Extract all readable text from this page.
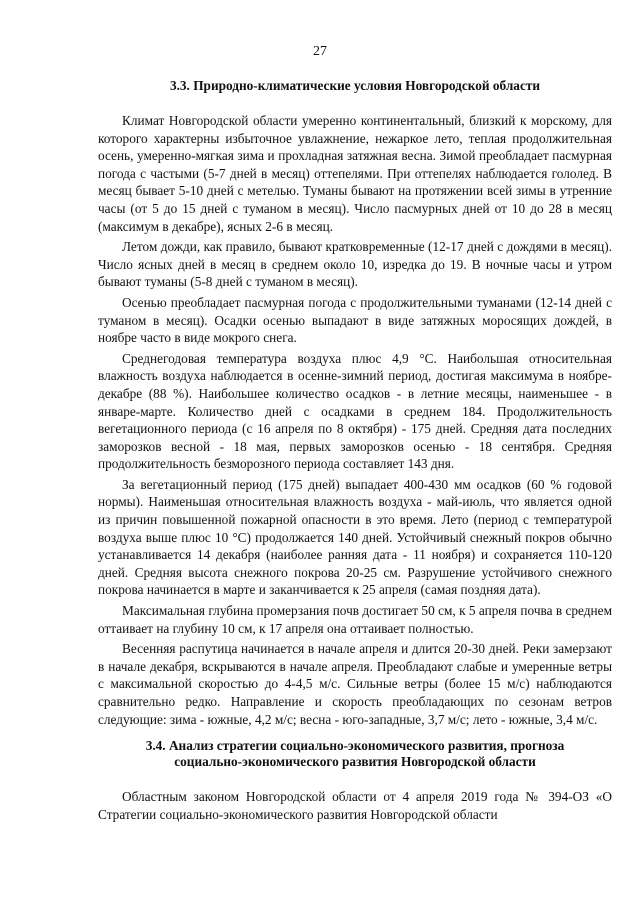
27

3.3. Природно-климатические условия Новгородской области

Климат Новгородской области умеренно континентальный, близкий к морскому, для которого характерны избыточное увлажнение, нежаркое лето, теплая продолжительная осень, умеренно-мягкая зима и прохладная затяжная весна. Зимой преобладает пасмурная погода с частыми (5-7 дней в месяц) оттепелями. При оттепелях наблюдается гололед. В месяц бывает 5-10 дней с метелью. Туманы бывают на протяжении всей зимы в утренние часы (от 5 до 15 дней с туманом в месяц). Число пасмурных дней от 10 до 28 в месяц (максимум в декабре), ясных 2-6 в месяц.

Летом дожди, как правило, бывают кратковременные (12-17 дней с дождями в месяц). Число ясных дней в месяц в среднем около 10, изредка до 19. В ночные часы и утром бывают туманы (5-8 дней с туманом в месяц).

Осенью преобладает пасмурная погода с продолжительными туманами (12-14 дней с туманом в месяц). Осадки осенью выпадают в виде затяжных моросящих дождей, в ноябре часто в виде мокрого снега.

Среднегодовая температура воздуха плюс 4,9 °С. Наибольшая относительная влажность воздуха наблюдается в осенне-зимний период, достигая максимума в ноябре-декабре (88 %). Наибольшее количество осадков - в летние месяцы, наименьшее - в январе-марте. Количество дней с осадками в среднем 184. Продолжительность вегетационного периода (с 16 апреля по 8 октября) - 175 дней. Средняя дата последних заморозков весной - 18 мая, первых заморозков осенью - 18 сентября. Средняя продолжительность безморозного периода составляет 143 дня.

За вегетационный период (175 дней) выпадает 400-430 мм осадков (60 % годовой нормы). Наименьшая относительная влажность воздуха - май-июль, что является одной из причин повышенной пожарной опасности в это время. Лето (период с температурой воздуха выше плюс 10 °С) продолжается 140 дней. Устойчивый снежный покров обычно устанавливается 14 декабря (наиболее ранняя дата - 11 ноября) и сохраняется 110-120 дней. Средняя высота снежного покрова 20-25 см. Разрушение устойчивого снежного покрова начинается в марте и заканчивается к 25 апреля (самая поздняя дата).

Максимальная глубина промерзания почв достигает 50 см, к 5 апреля почва в среднем оттаивает на глубину 10 см, к 17 апреля она оттаивает полностью.

Весенняя распутица начинается в начале апреля и длится 20-30 дней. Реки замерзают в начале декабря, вскрываются в начале апреля. Преобладают слабые и умеренные ветры с максимальной скоростью до 4-4,5 м/с. Сильные ветры (более 15 м/с) наблюдаются сравнительно редко. Направление и скорость преобладающих по сезонам ветров следующие: зима - южные, 4,2 м/с; весна - юго-западные, 3,7 м/с; лето - южные, 3,4 м/с.

3.4. Анализ стратегии социально-экономического развития, прогноза
социально-экономического развития Новгородской области

Областным законом Новгородской области от 4 апреля 2019 года № 394-ОЗ «О Стратегии социально-экономического развития Новгородской области
